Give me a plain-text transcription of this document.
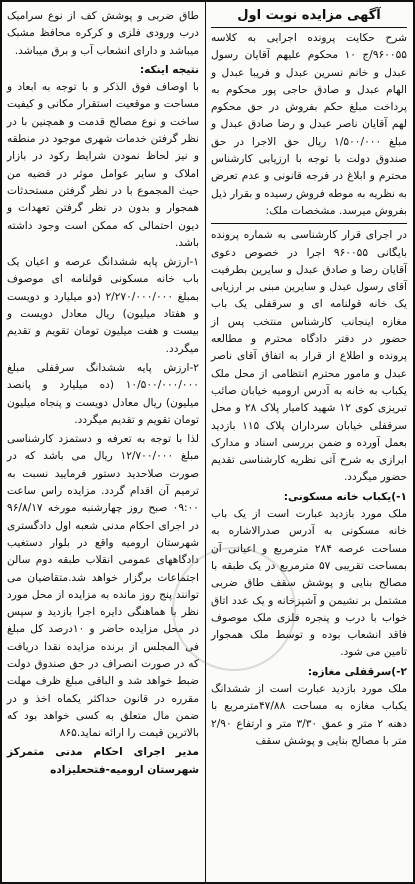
آگهی مزایده نوبت اول

شرح حکایت پرونده اجرایی به کلاسه ۹۶۰۰۵۵/ج ۱۰ محکوم علیهم آقایان رسول عبدل و خانم نسرین عبدل و فریبا عبدل و الهام عبدل و صادق حاجی پور محکوم به پرداخت مبلغ حکم بفروش در حق محکوم لهم آقایان ناصر عبدل و رضا صادق عبدل و مبلغ ۱/۵۰۰/۰۰۰ ریال حق الاجرا در حق صندوق دولت با توجه با ارزیابی کارشناس محترم و ابلاغ در فرجه قانونی و عدم تعرض به نظریه به موطه فروش رسیده و بقرار ذیل بفروش میرسد. مشخصات ملک:

در اجرای قرار کارشناسی به شماره پرونده بایگانی ۹۶۰۰۵۵ اجرا در خصوص دعوی آقایان رضا و صادق عبدل و سایرین بطرفیت آقای رسول عبدل و سایرین مبنی بر ارزیابی یک خانه قولنامه ای و سرقفلی یک باب مغازه اینجانب کارشناس منتخب پس از حضور در دفتر دادگاه محترم و مطالعه پرونده و اطلاع از قرار به اتفاق آقای ناصر عبدل و مامور محترم انتظامی از محل ملک یکباب به خانه به آدرس ارومیه خیابان صائب تبریزی کوی ۱۲ شهید کامیار پلاک ۲۸ و محل سرقفلی خیابان سرداران پلاک ۱۱۵ بازدید بعمل آورده و ضمن بررسی اسناد و مدارک ابرازی به شرح آتی نظریه کارشناسی تقدیم حضور میگردد.

۱-)یکباب خانه مسکونی:

ملک مورد بازدید عبارت است از یک باب خانه مسکونی به آدرس صدرالاشاره به مساحت عرصه ۲۸۴ مترمربع و اعیانی آن بمساحت تقریبی ۵۷ مترمربع در یک طبقه با مصالح بنایی و پوشش سقف طاق ضربی مشتمل بر نشیمن و آشپزخانه و یک عدد اتاق خواب با درب و پنجره فلزی ملک موصوف فاقد انشعاب بوده و توسط ملک همجوار تامین می شود.

۲-)سرقفلی مغازه:

ملک مورد بازدید عبارت است از ششدانگ یکباب مغازه به مساحت ۴۷/۸۸مترمربع با دهنه ۲ متر و عمق ۳/۳۰ متر و ارتفاع ۲/۹۰ متر با مصالح بنایی و پوشش سقف

طاق ضربی و پوشش کف از نوع سرامیک درب ورودی فلزی و کرکره محافظ مشبک میباشد و دارای انشعاب آب و برق میباشد.

نتیجه اینکه:

با اوصاف فوق الذکر و با توجه به ابعاد و مساحت و موقعیت استقرار مکانی و کیفیت ساخت و نوع مصالح قدمت و همچنین با در نظر گرفتن خدمات شهری موجود در منطقه و نیز لحاظ نمودن شرایط رکود در بازار املاک و سایر عوامل موثر در قضیه من حیث المجموع با در نظر گرفتن مستحدثات همجوار و بدون در نظر گرفتن تعهدات و دیون احتمالی که ممکن است وجود داشته باشد.

۱-ارزش پایه ششدانگ عرصه و اعیان یک باب خانه مسکونی قولنامه ای موصوف بمبلغ ۲/۲۷۰/۰۰۰/۰۰۰ (دو میلیارد و دویست و هفتاد میلیون) ریال معادل دویست و بیست و هفت میلیون تومان تقویم و تقدیم میگردد.

۲-ارزش پایه ششدانگ سرقفلی مبلغ ۱۰/۵۰۰/۰۰۰/۰۰۰ (ده میلیارد و پانصد میلیون) ریال معادل دویست و پنجاه میلیون تومان تقویم و تقدیم میگردد.

لذا با توجه به تعرفه و دستمزد کارشناسی مبلغ ۱۲/۷۰۰/۰۰۰ ریال می باشد که در صورت صلاحدید دستور فرمایید نسبت به ترمیم آن اقدام گردد. مزایده راس ساعت ۰۹:۰۰ صبح روز چهارشنبه مورخه ۹۶/۸/۱۷ در اجرای احکام مدنی شعبه اول دادگستری شهرستان ارومیه واقع در بلوار دستغیب دادگاههای عمومی انقلاب طبقه دوم سالن اجتماعات برگزار خواهد شد.متقاضیان می توانند پنج روز مانده به مزایده از محل مورد نظر با هماهنگی دایره اجرا بازدید و سپس در محل مزایده حاضر و ۱۰درصد کل مبلغ فی المجلس از برنده مزایده نقدا دریافت که در صورت انصراف در حق صندوق دولت ضبط خواهد شد و الباقی مبلغ ظرف مهلت مقرره در قانون حداکثر یکماه اخذ و در ضمن مال متعلق به کسی خواهد بود که بالاترین قیمت را ارائه نماید.۸۶۵

مدیر اجرای احکام مدنی متمرکز شهرستان ارومیه-فتحعلیزاده
